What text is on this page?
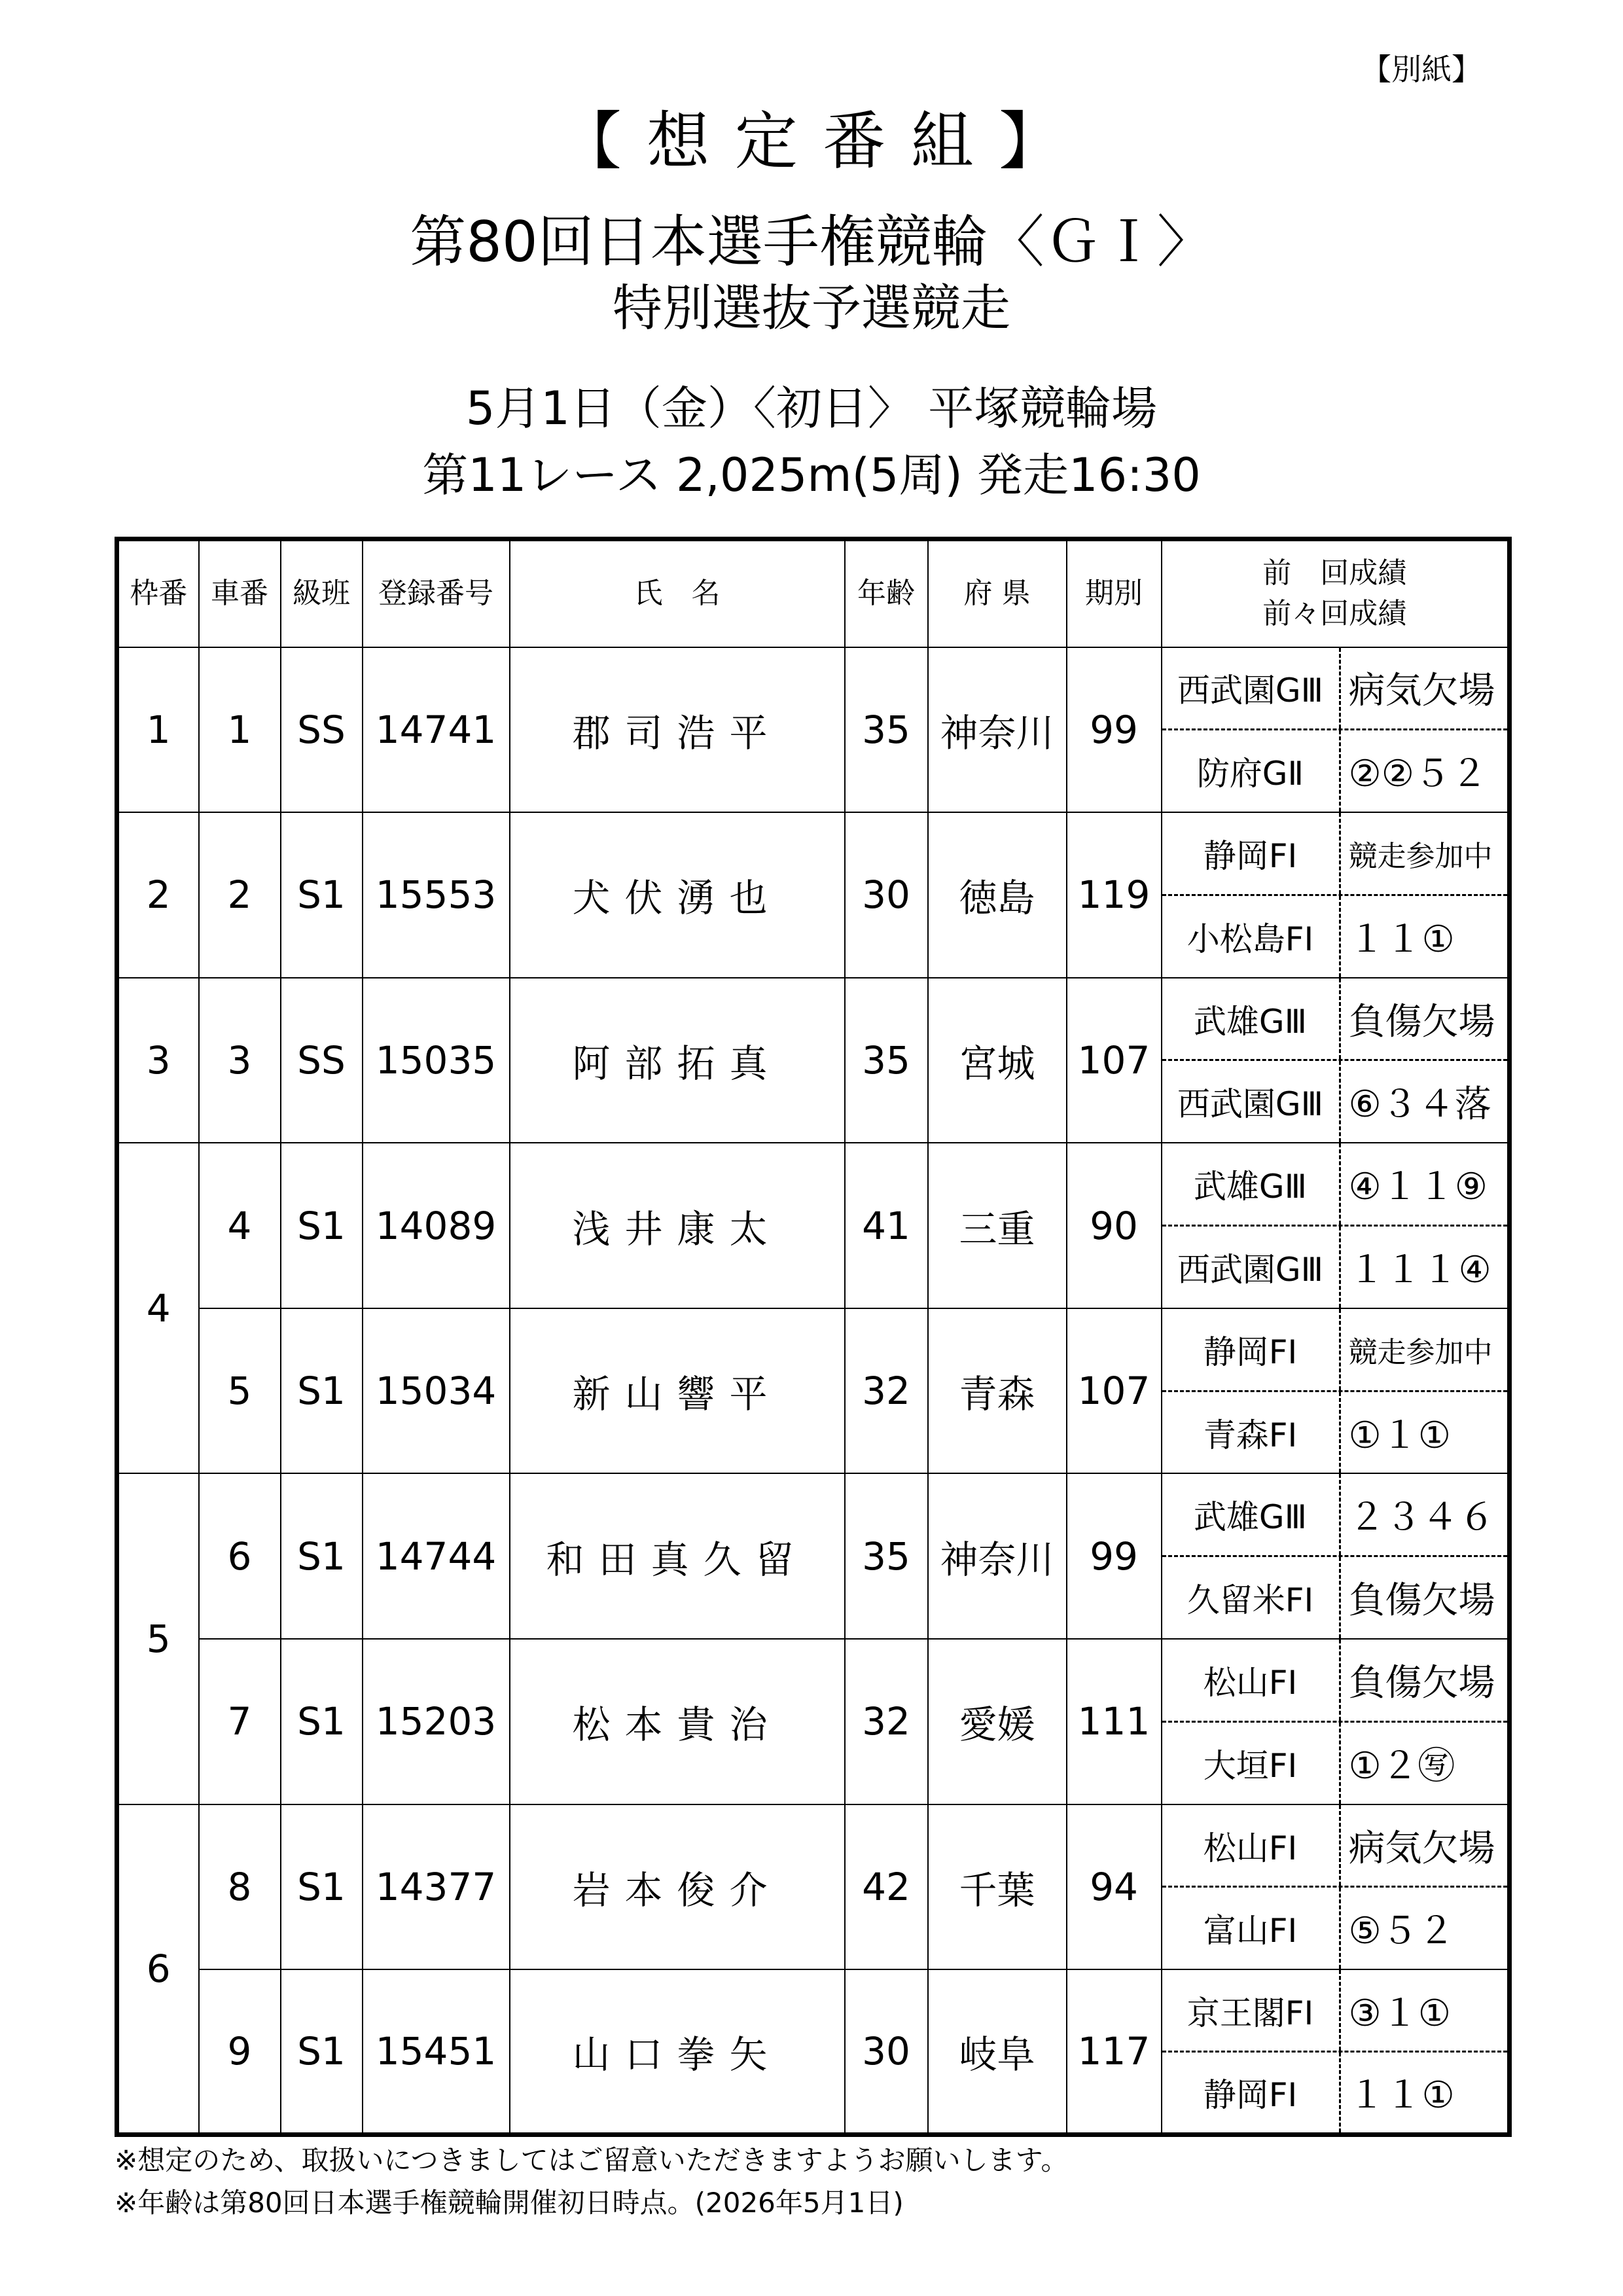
【別紙】
【 想 定 番 組 】
第80回日本選手権競輪〈ＧＩ〉
特別選抜予選競走
5月1日（金）〈初日〉 平塚競輪場
第11レース 2,025m(5周) 発走16:30
枠番	車番	級班	登録番号	氏　名	年齢	府 県	期別	前　回成績
前々回成績

1	1	SS	14741	郡司浩平	35	神奈川	99	西武園GⅢ 病気欠場
防府GⅡ ②②５２

2	2	S1	15553	犬伏湧也	30	徳島	119	静岡FⅠ 競走参加中
小松島FⅠ １１①

3	3	SS	15035	阿部拓真	35	宮城	107	武雄GⅢ 負傷欠場
西武園GⅢ ⑥３４落

4	4	S1	14089	浅井康太	41	三重	90	武雄GⅢ ④１１⑨
西武園GⅢ １１１④

	5	S1	15034	新山響平	32	青森	107	静岡FⅠ 競走参加中
青森FⅠ ①１①

5	6	S1	14744	和田真久留	35	神奈川	99	武雄GⅢ ２３４６
久留米FⅠ 負傷欠場

	7	S1	15203	松本貴治	32	愛媛	111	松山FⅠ 負傷欠場
大垣FⅠ ①２㊢

6	8	S1	14377	岩本俊介	42	千葉	94	松山FⅠ 病気欠場
富山FⅠ ⑤５２

	9	S1	15451	山口拳矢	30	岐阜	117	京王閣FⅠ ③１①
静岡FⅠ １１①
※想定のため、取扱いにつきましてはご留意いただきますようお願いします。
※年齢は第80回日本選手権競輪開催初日時点。(2026年5月1日)
